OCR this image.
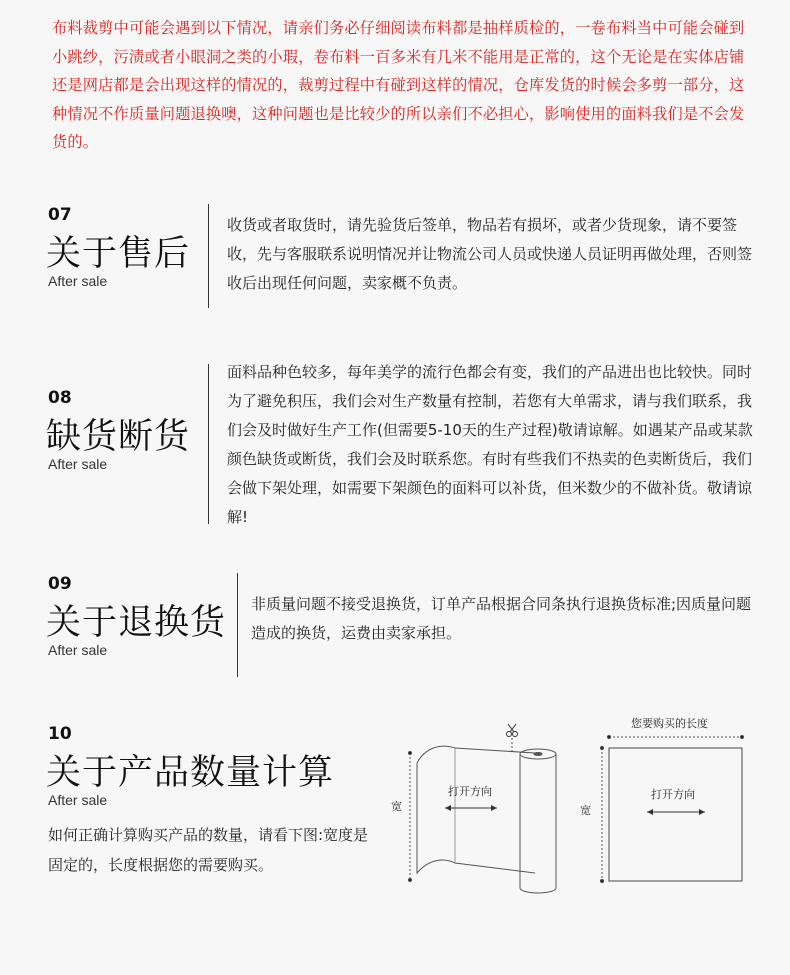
布料裁剪中可能会遇到以下情况，请亲们务必仔细阅读布料都是抽样质检的，一卷布料当中可能会碰到小跳纱，污渍或者小眼洞之类的小瑕，卷布料一百多米有几米不能用是正常的，这个无论是在实体店铺还是网店都是会出现这样的情况的，裁剪过程中有碰到这样的情况，仓库发货的时候会多剪一部分，这种情况不作质量问题退换噢，这种问题也是比较少的所以亲们不必担心，影响使用的面料我们是不会发货的。
07
关于售后
After sale
收货或者取货时，请先验货后签单，物品若有损坏，或者少货现象，请不要签收，先与客服联系说明情况并让物流公司人员或快递人员证明再做处理，否则签收后出现任何问题，卖家概不负责。
08
缺货断货
After sale
面料品种色较多，每年美学的流行色都会有变，我们的产品进出也比较快。同时为了避免积压，我们会对生产数量有控制，若您有大单需求，请与我们联系，我们会及时做好生产工作(但需要5-10天的生产过程)敬请谅解。如遇某产品或某款颜色缺货或断货，我们会及时联系您。有时有些我们不热卖的色卖断货后，我们会做下架处理，如需要下架颜色的面料可以补货，但米数少的不做补货。敬请谅解!
09
关于退换货
After sale
非质量问题不接受退换货，订单产品根据合同条执行退换货标准;因质量问题造成的换货，运费由卖家承担。
10
关于产品数量计算
After sale
如何正确计算购买产品的数量，请看下图:宽度是固定的，长度根据您的需要购买。
宽
打开方向
您要购买的长度
宽
打开方向
